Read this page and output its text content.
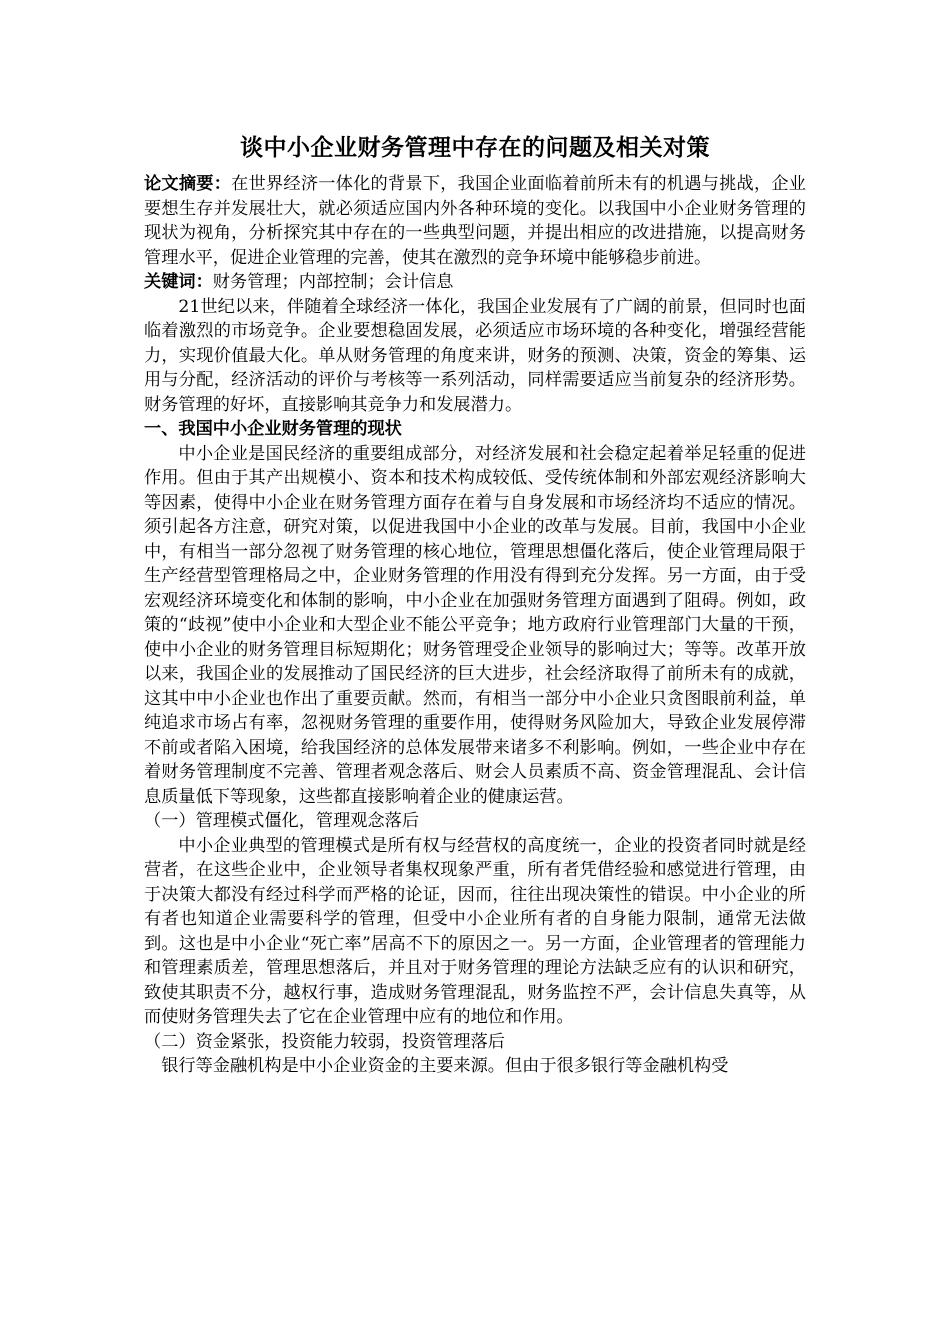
谈中小企业财务管理中存在的问题及相关对策

论文摘要：在世界经济一体化的背景下，我国企业面临着前所未有的机遇与挑战，企业要想生存并发展壮大，就必须适应国内外各种环境的变化。以我国中小企业财务管理的现状为视角，分析探究其中存在的一些典型问题，并提出相应的改进措施，以提高财务管理水平，促进企业管理的完善，使其在激烈的竞争环境中能够稳步前进。

关键词：财务管理；内部控制；会计信息

21世纪以来，伴随着全球经济一体化，我国企业发展有了广阔的前景，但同时也面临着激烈的市场竞争。企业要想稳固发展，必须适应市场环境的各种变化，增强经营能力，实现价值最大化。单从财务管理的角度来讲，财务的预测、决策，资金的筹集、运用与分配，经济活动的评价与考核等一系列活动，同样需要适应当前复杂的经济形势。财务管理的好坏，直接影响其竞争力和发展潜力。

一、我国中小企业财务管理的现状

中小企业是国民经济的重要组成部分，对经济发展和社会稳定起着举足轻重的促进作用。但由于其产出规模小、资本和技术构成较低、受传统体制和外部宏观经济影响大等因素，使得中小企业在财务管理方面存在着与自身发展和市场经济均不适应的情况。须引起各方注意，研究对策，以促进我国中小企业的改革与发展。目前，我国中小企业中，有相当一部分忽视了财务管理的核心地位，管理思想僵化落后，使企业管理局限于生产经营型管理格局之中，企业财务管理的作用没有得到充分发挥。另一方面，由于受宏观经济环境变化和体制的影响，中小企业在加强财务管理方面遇到了阻碍。例如，政策的“歧视”使中小企业和大型企业不能公平竞争；地方政府行业管理部门大量的干预，使中小企业的财务管理目标短期化；财务管理受企业领导的影响过大；等等。改革开放以来，我国企业的发展推动了国民经济的巨大进步，社会经济取得了前所未有的成就，这其中中小企业也作出了重要贡献。然而，有相当一部分中小企业只贪图眼前利益，单纯追求市场占有率，忽视财务管理的重要作用，使得财务风险加大，导致企业发展停滞不前或者陷入困境，给我国经济的总体发展带来诸多不利影响。例如，一些企业中存在着财务管理制度不完善、管理者观念落后、财会人员素质不高、资金管理混乱、会计信息质量低下等现象，这些都直接影响着企业的健康运营。

（一）管理模式僵化，管理观念落后

中小企业典型的管理模式是所有权与经营权的高度统一，企业的投资者同时就是经营者，在这些企业中，企业领导者集权现象严重，所有者凭借经验和感觉进行管理，由于决策大都没有经过科学而严格的论证，因而，往往出现决策性的错误。中小企业的所有者也知道企业需要科学的管理，但受中小企业所有者的自身能力限制，通常无法做到。这也是中小企业“死亡率”居高不下的原因之一。另一方面，企业管理者的管理能力和管理素质差，管理思想落后，并且对于财务管理的理论方法缺乏应有的认识和研究，致使其职责不分，越权行事，造成财务管理混乱，财务监控不严，会计信息失真等，从而使财务管理失去了它在企业管理中应有的地位和作用。

（二）资金紧张，投资能力较弱，投资管理落后

银行等金融机构是中小企业资金的主要来源。但由于很多银行等金融机构受
